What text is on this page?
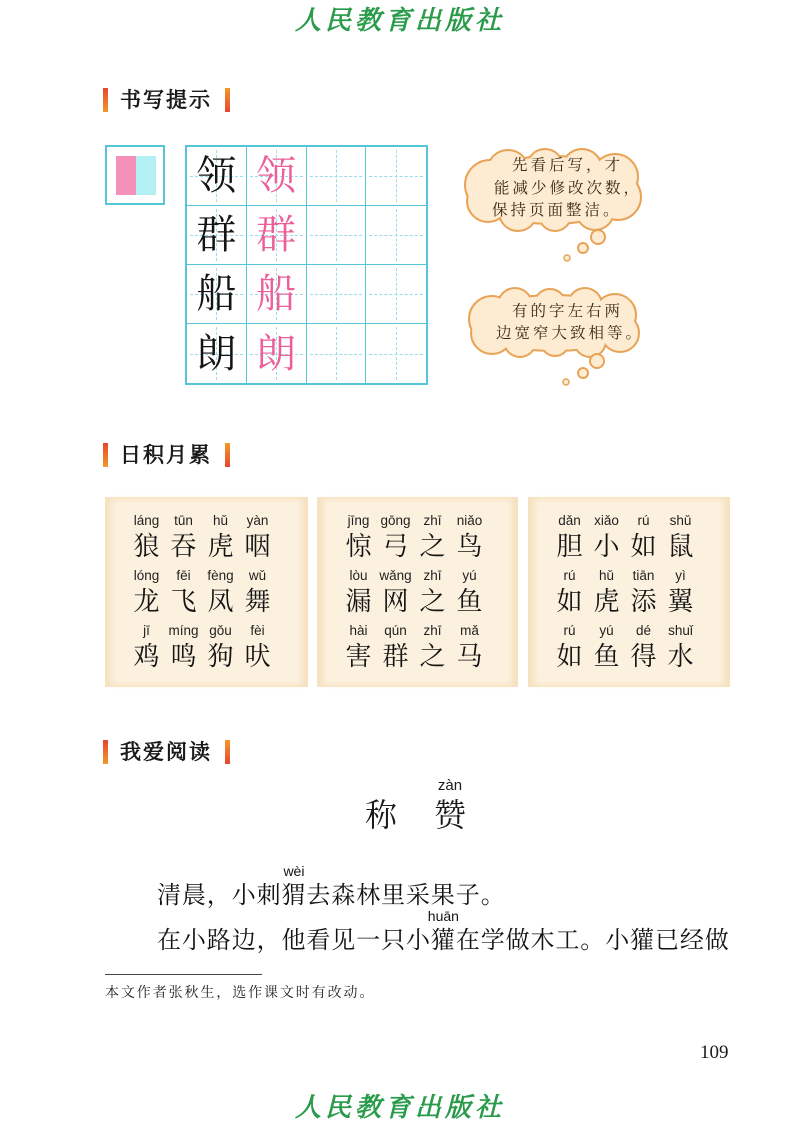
人民教育出版社
书写提示
领 领
群 群
船 船
朗 朗
先看后写，才
能减少修改次数，
保持页面整洁。
有的字左右两
边宽窄大致相等。
日积月累
láng
狼
tūn
吞
hǔ
虎
yàn
咽
lóng
龙
fēi
飞
fèng
凤
wǔ
舞
jī
鸡
míng
鸣
gǒu
狗
fèi
吠
jīng
惊
gōng
弓
zhī
之
niǎo
鸟
lòu
漏
wǎng
网
zhī
之
yú
鱼
hài
害
qún
群
zhī
之
mǎ
马
dǎn
胆
xiǎo
小
rú
如
shǔ
鼠
rú
如
hǔ
虎
tiān
添
yì
翼
rú
如
yú
鱼
dé
得
shuǐ
水
我爱阅读
称
zàn
赞
清晨，小刺
wèi
猬去森林里采果子。
在小路边，他看见一只小
huān
獾在学做木工。小獾已经做
本文作者张秋生，选作课文时有改动。
109
人民教育出版社
